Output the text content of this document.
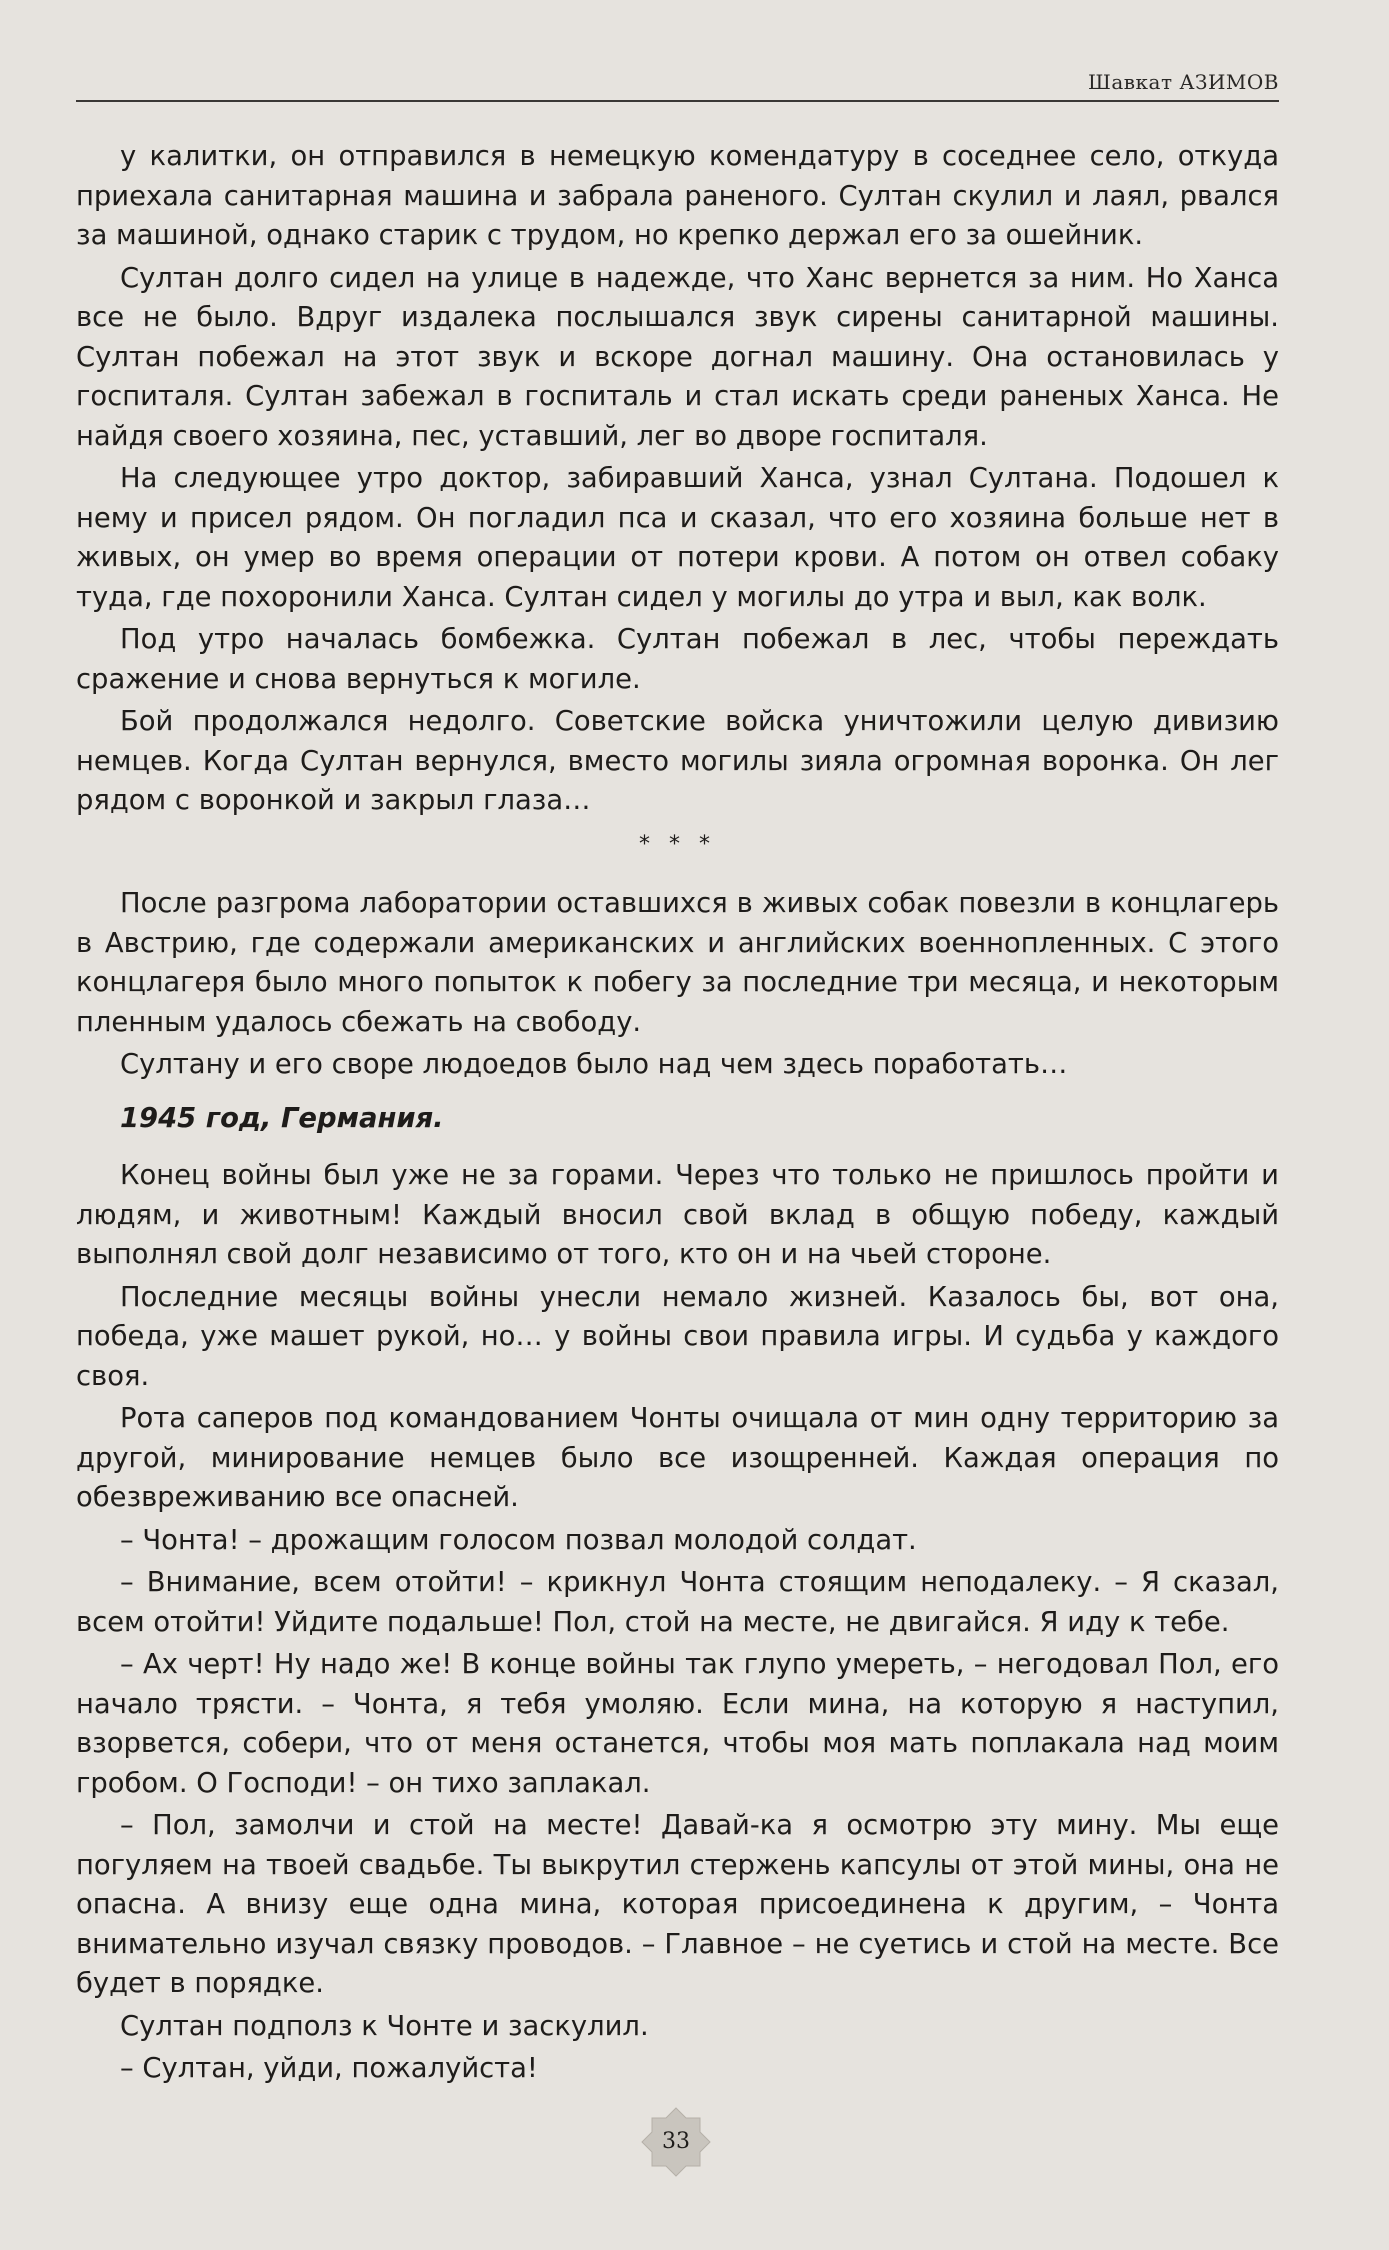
Шавкат АЗИМОВ

у калитки, он отправился в немецкую комендатуру в соседнее село, откуда приехала санитарная машина и забрала раненого. Султан скулил и лаял, рвался за машиной, однако старик с трудом, но крепко держал его за ошейник.

Султан долго сидел на улице в надежде, что Ханс вернется за ним. Но Ханса все не было. Вдруг издалека послышался звук сирены санитарной машины. Султан побежал на этот звук и вскоре догнал машину. Она остановилась у госпиталя. Султан забежал в госпиталь и стал искать среди раненых Ханса. Не найдя своего хозяина, пес, уставший, лег во дворе госпиталя.

На следующее утро доктор, забиравший Ханса, узнал Султана. Подошел к нему и присел рядом. Он погладил пса и сказал, что его хозяина больше нет в живых, он умер во время операции от потери крови. А потом он отвел собаку туда, где похоронили Ханса. Султан сидел у могилы до утра и выл, как волк.

Под утро началась бомбежка. Султан побежал в лес, чтобы переждать сражение и снова вернуться к могиле.

Бой продолжался недолго. Советские войска уничтожили целую дивизию немцев. Когда Султан вернулся, вместо могилы зияла огромная воронка. Он лег рядом с воронкой и закрыл глаза…

* * *

После разгрома лаборатории оставшихся в живых собак повезли в концлагерь в Австрию, где содержали американских и английских военнопленных. С этого концлагеря было много попыток к побегу за последние три месяца, и некоторым пленным удалось сбежать на свободу.

Султану и его своре людоедов было над чем здесь поработать…

1945 год, Германия.

Конец войны был уже не за горами. Через что только не пришлось пройти и людям, и животным! Каждый вносил свой вклад в общую победу, каждый выполнял свой долг независимо от того, кто он и на чьей стороне.

Последние месяцы войны унесли немало жизней. Казалось бы, вот она, победа, уже машет рукой, но… у войны свои правила игры. И судьба у каждого своя.

Рота саперов под командованием Чонты очищала от мин одну территорию за другой, минирование немцев было все изощренней. Каждая операция по обезвреживанию все опасней.

– Чонта! – дрожащим голосом позвал молодой солдат.

– Внимание, всем отойти! – крикнул Чонта стоящим неподалеку. – Я сказал, всем отойти! Уйдите подальше! Пол, стой на месте, не двигайся. Я иду к тебе.

– Ах черт! Ну надо же! В конце войны так глупо умереть, – негодовал Пол, его начало трясти. – Чонта, я тебя умоляю. Если мина, на которую я наступил, взорвется, собери, что от меня останется, чтобы моя мать поплакала над моим гробом. О Господи! – он тихо заплакал.

– Пол, замолчи и стой на месте! Давай-ка я осмотрю эту мину. Мы еще погуляем на твоей свадьбе. Ты выкрутил стержень капсулы от этой мины, она не опасна. А внизу еще одна мина, которая присоединена к другим, – Чонта внимательно изучал связку проводов. – Главное – не суетись и стой на месте. Все будет в порядке.

Султан подполз к Чонте и заскулил.

– Султан, уйди, пожалуйста!

33
